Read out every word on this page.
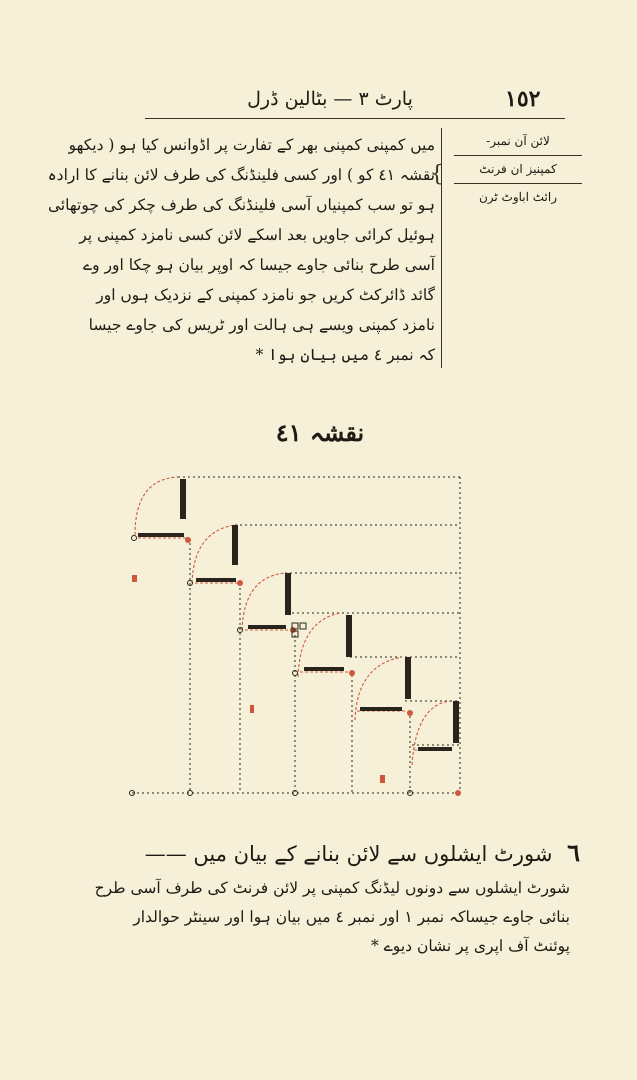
١٥٢
پارٹ ٣ — بٹالین ڈرل
{
لائن آن نمبر-
کمپنیز ان فرنٹ
رائٹ اباوٹ ٹرن

میں کمپنی کمپنی بھر کے تفارت پر اڈوانس کیا ہو ( دیکھو

نقشہ ٤١ کو ) اور کسی فلینڈنگ کی طرف لائن بنانے کا ارادہ

ہو تو سب کمپنیاں آسی فلینڈنگ کی طرف چکر کی چوتھائی

ہوئیل کرائی جاویں بعد اسکے لائن کسی نامزد کمپنی پر

آسی طرح بنائی جاوے جیسا کہ اوپر بیان ہو چکا اور وے

گائد ڈائرکٹ کریں جو نامزد کمپنی کے نزدیک ہوں اور

نامزد کمپنی ویسے ہی ہالت اور ٹریس کی جاوے جیسا

کہ نمبر ٤ میں بیان ہوا *

نقشہ ٤١
٦ شورٹ ایشلوں سے لائن بنانے کے بیان میں ——

شورٹ ایشلوں سے دونوں لیڈنگ کمپنی پر لائن فرنٹ کی طرف آسی طرح

بنائی جاوے جیساکہ نمبر ١ اور نمبر ٤ میں بیان ہوا اور سینٹر حوالدار

پوئنٹ آف اپری پر نشان دیوے *
